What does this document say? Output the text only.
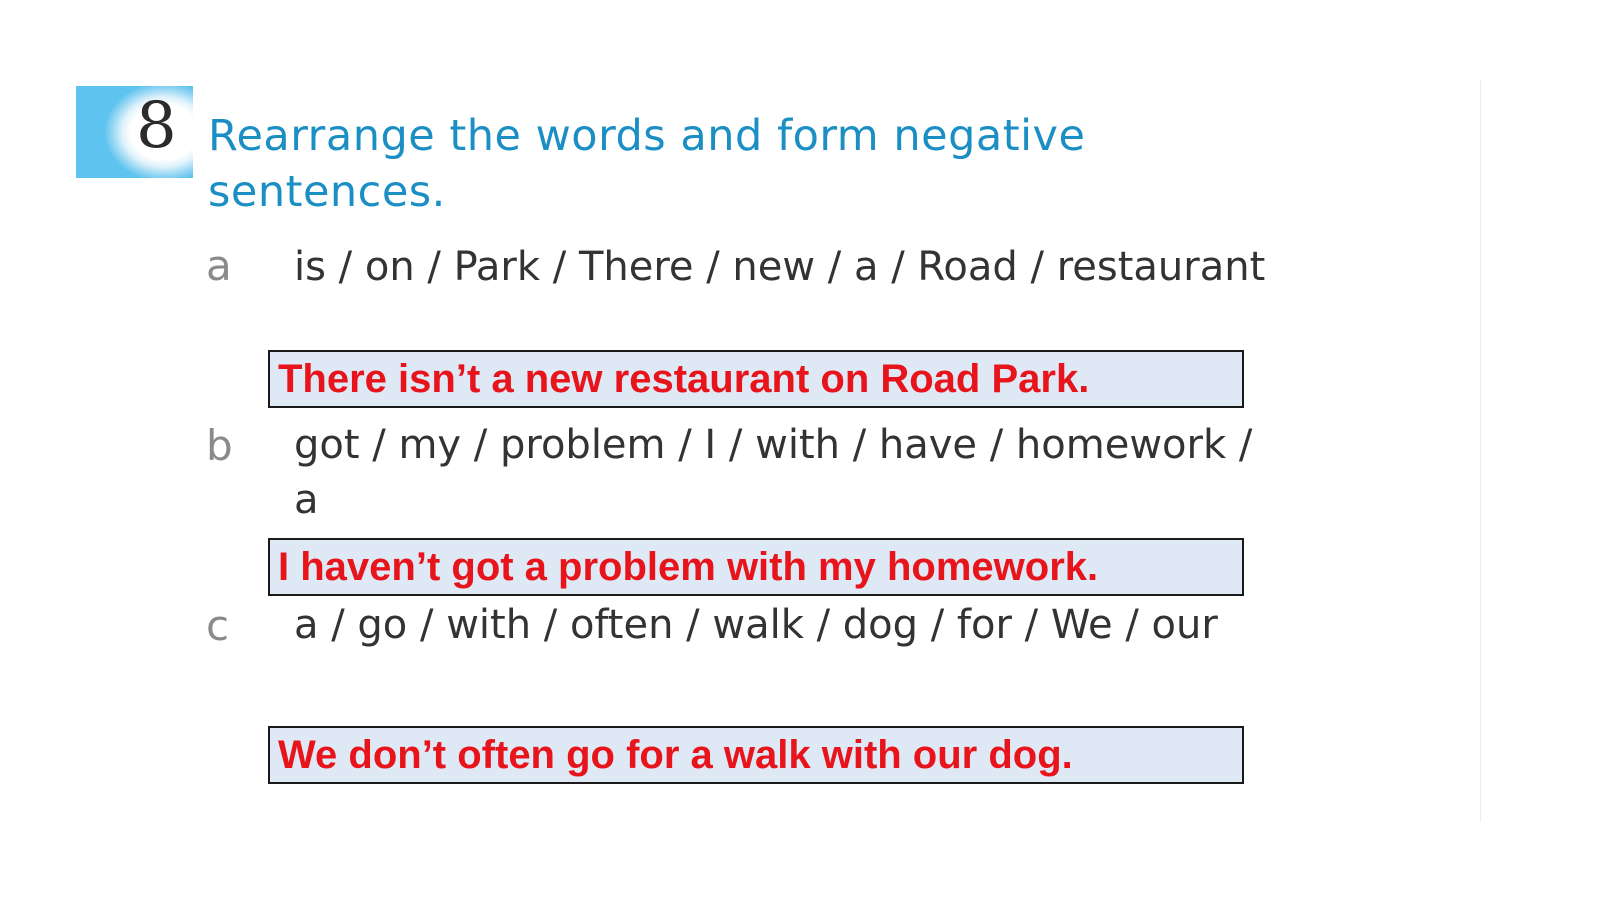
8 Rearrange the words and form negative sentences.
a is / on / Park / There / new / a / Road / restaurant
There isn’t a new restaurant on Road Park.
b got / my / problem / I / with / have / homework / a
I haven’t got a problem with my homework.
c a / go / with / often / walk / dog / for / We / our
We don’t often go for a walk with our dog.
